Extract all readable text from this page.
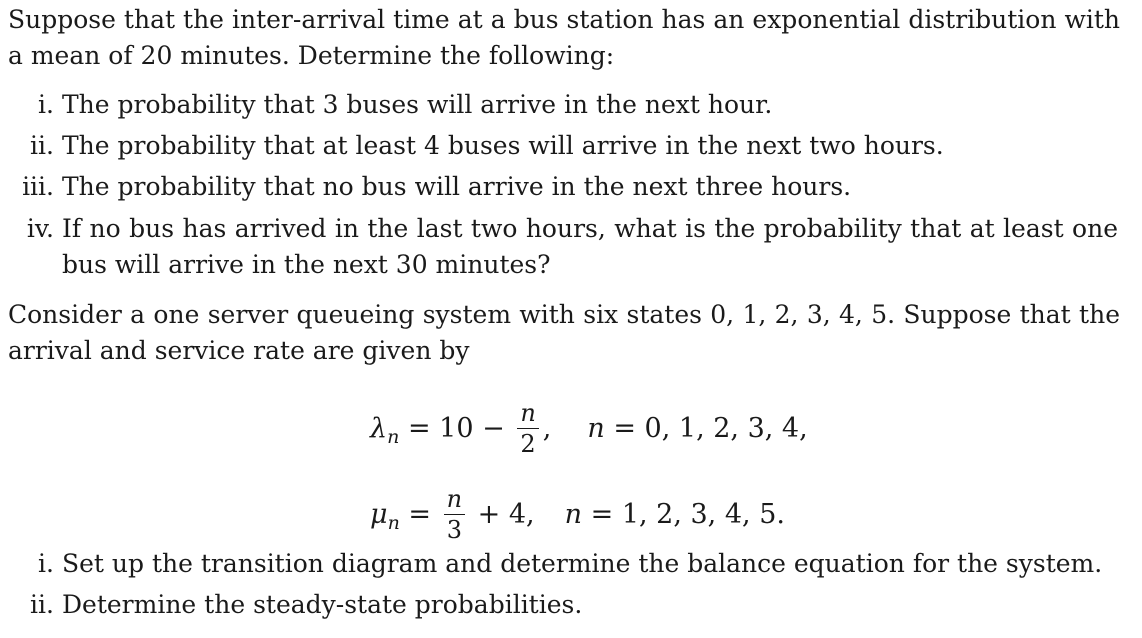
Suppose that the inter-arrival time at a bus station has an exponential distribution with a mean of 20 minutes. Determine the following:
i. The probability that 3 buses will arrive in the next hour.
ii. The probability that at least 4 buses will arrive in the next two hours.
iii. The probability that no bus will arrive in the next three hours.
iv. If no bus has arrived in the last two hours, what is the probability that at least one bus will arrive in the next 30 minutes?
Consider a one server queueing system with six states 0, 1, 2, 3, 4, 5. Suppose that the arrival and service rate are given by
λ $n = 10 - \frac{n}{2}$ , n = 0, 1, 2, 3, 4,
μ $n = \frac{n}{3} + 4$, n = 1, 2, 3, 4, 5.
i. Set up the transition diagram and determine the balance equation for the system.
ii. Determine the steady-state probabilities.
